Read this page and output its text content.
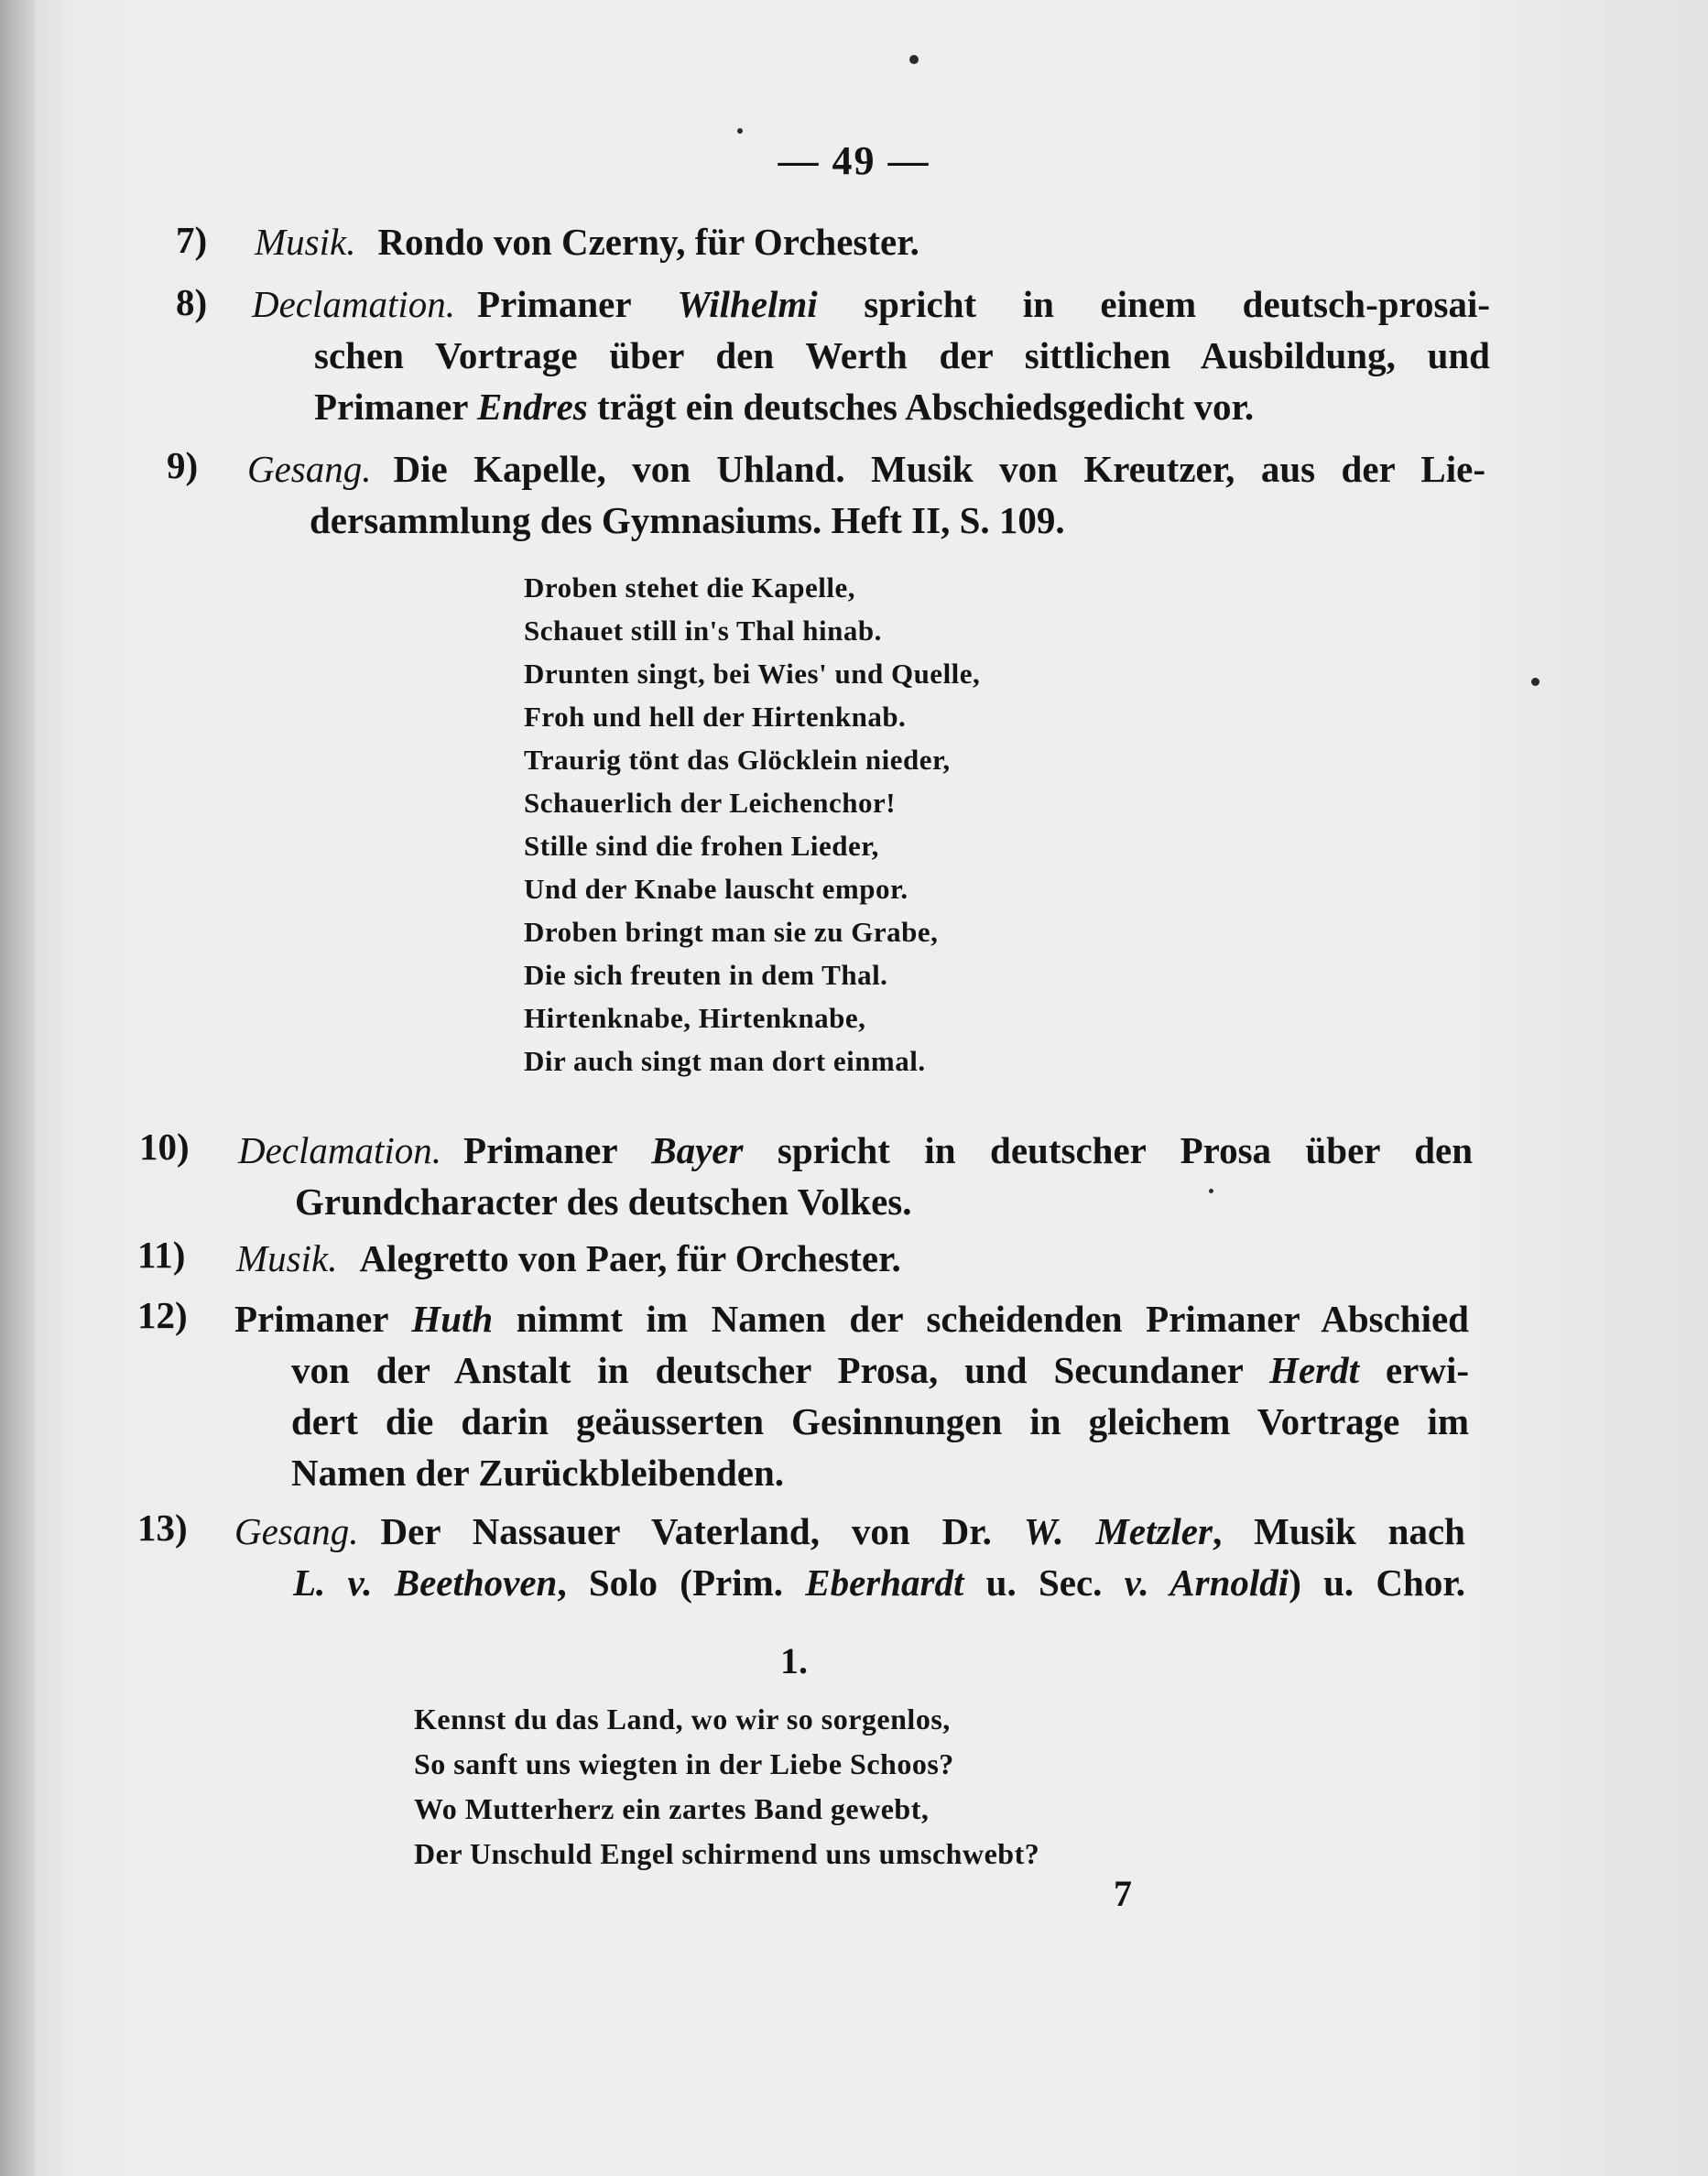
— 49 —
7) Musik. Rondo von Czerny, für Orchester.
8) Declamation. Primaner Wilhelmi spricht in einem deutsch-prosai-
schen Vortrage über den Werth der sittlichen Ausbildung, und
Primaner Endres trägt ein deutsches Abschiedsgedicht vor.
9) Gesang. Die Kapelle, von Uhland. Musik von Kreutzer, aus der Lie-
dersammlung des Gymnasiums. Heft II, S. 109.
Droben stehet die Kapelle,
Schauet still in's Thal hinab.
Drunten singt, bei Wies' und Quelle,
Froh und hell der Hirtenknab.
Traurig tönt das Glöcklein nieder,
Schauerlich der Leichenchor!
Stille sind die frohen Lieder,
Und der Knabe lauscht empor.
Droben bringt man sie zu Grabe,
Die sich freuten in dem Thal.
Hirtenknabe, Hirtenknabe,
Dir auch singt man dort einmal.
10) Declamation. Primaner Bayer spricht in deutscher Prosa über den
Grundcharacter des deutschen Volkes.
11) Musik. Alegretto von Paer, für Orchester.
12) Primaner Huth nimmt im Namen der scheidenden Primaner Abschied
von der Anstalt in deutscher Prosa, und Secundaner Herdt erwi-
dert die darin geäusserten Gesinnungen in gleichem Vortrage im
Namen der Zurückbleibenden.
13) Gesang. Der Nassauer Vaterland, von Dr. W. Metzler, Musik nach
L. v. Beethoven, Solo (Prim. Eberhardt u. Sec. v. Arnoldi) u. Chor.
1.
Kennst du das Land, wo wir so sorgenlos,
So sanft uns wiegten in der Liebe Schoos?
Wo Mutterherz ein zartes Band gewebt,
Der Unschuld Engel schirmend uns umschwebt?
7
